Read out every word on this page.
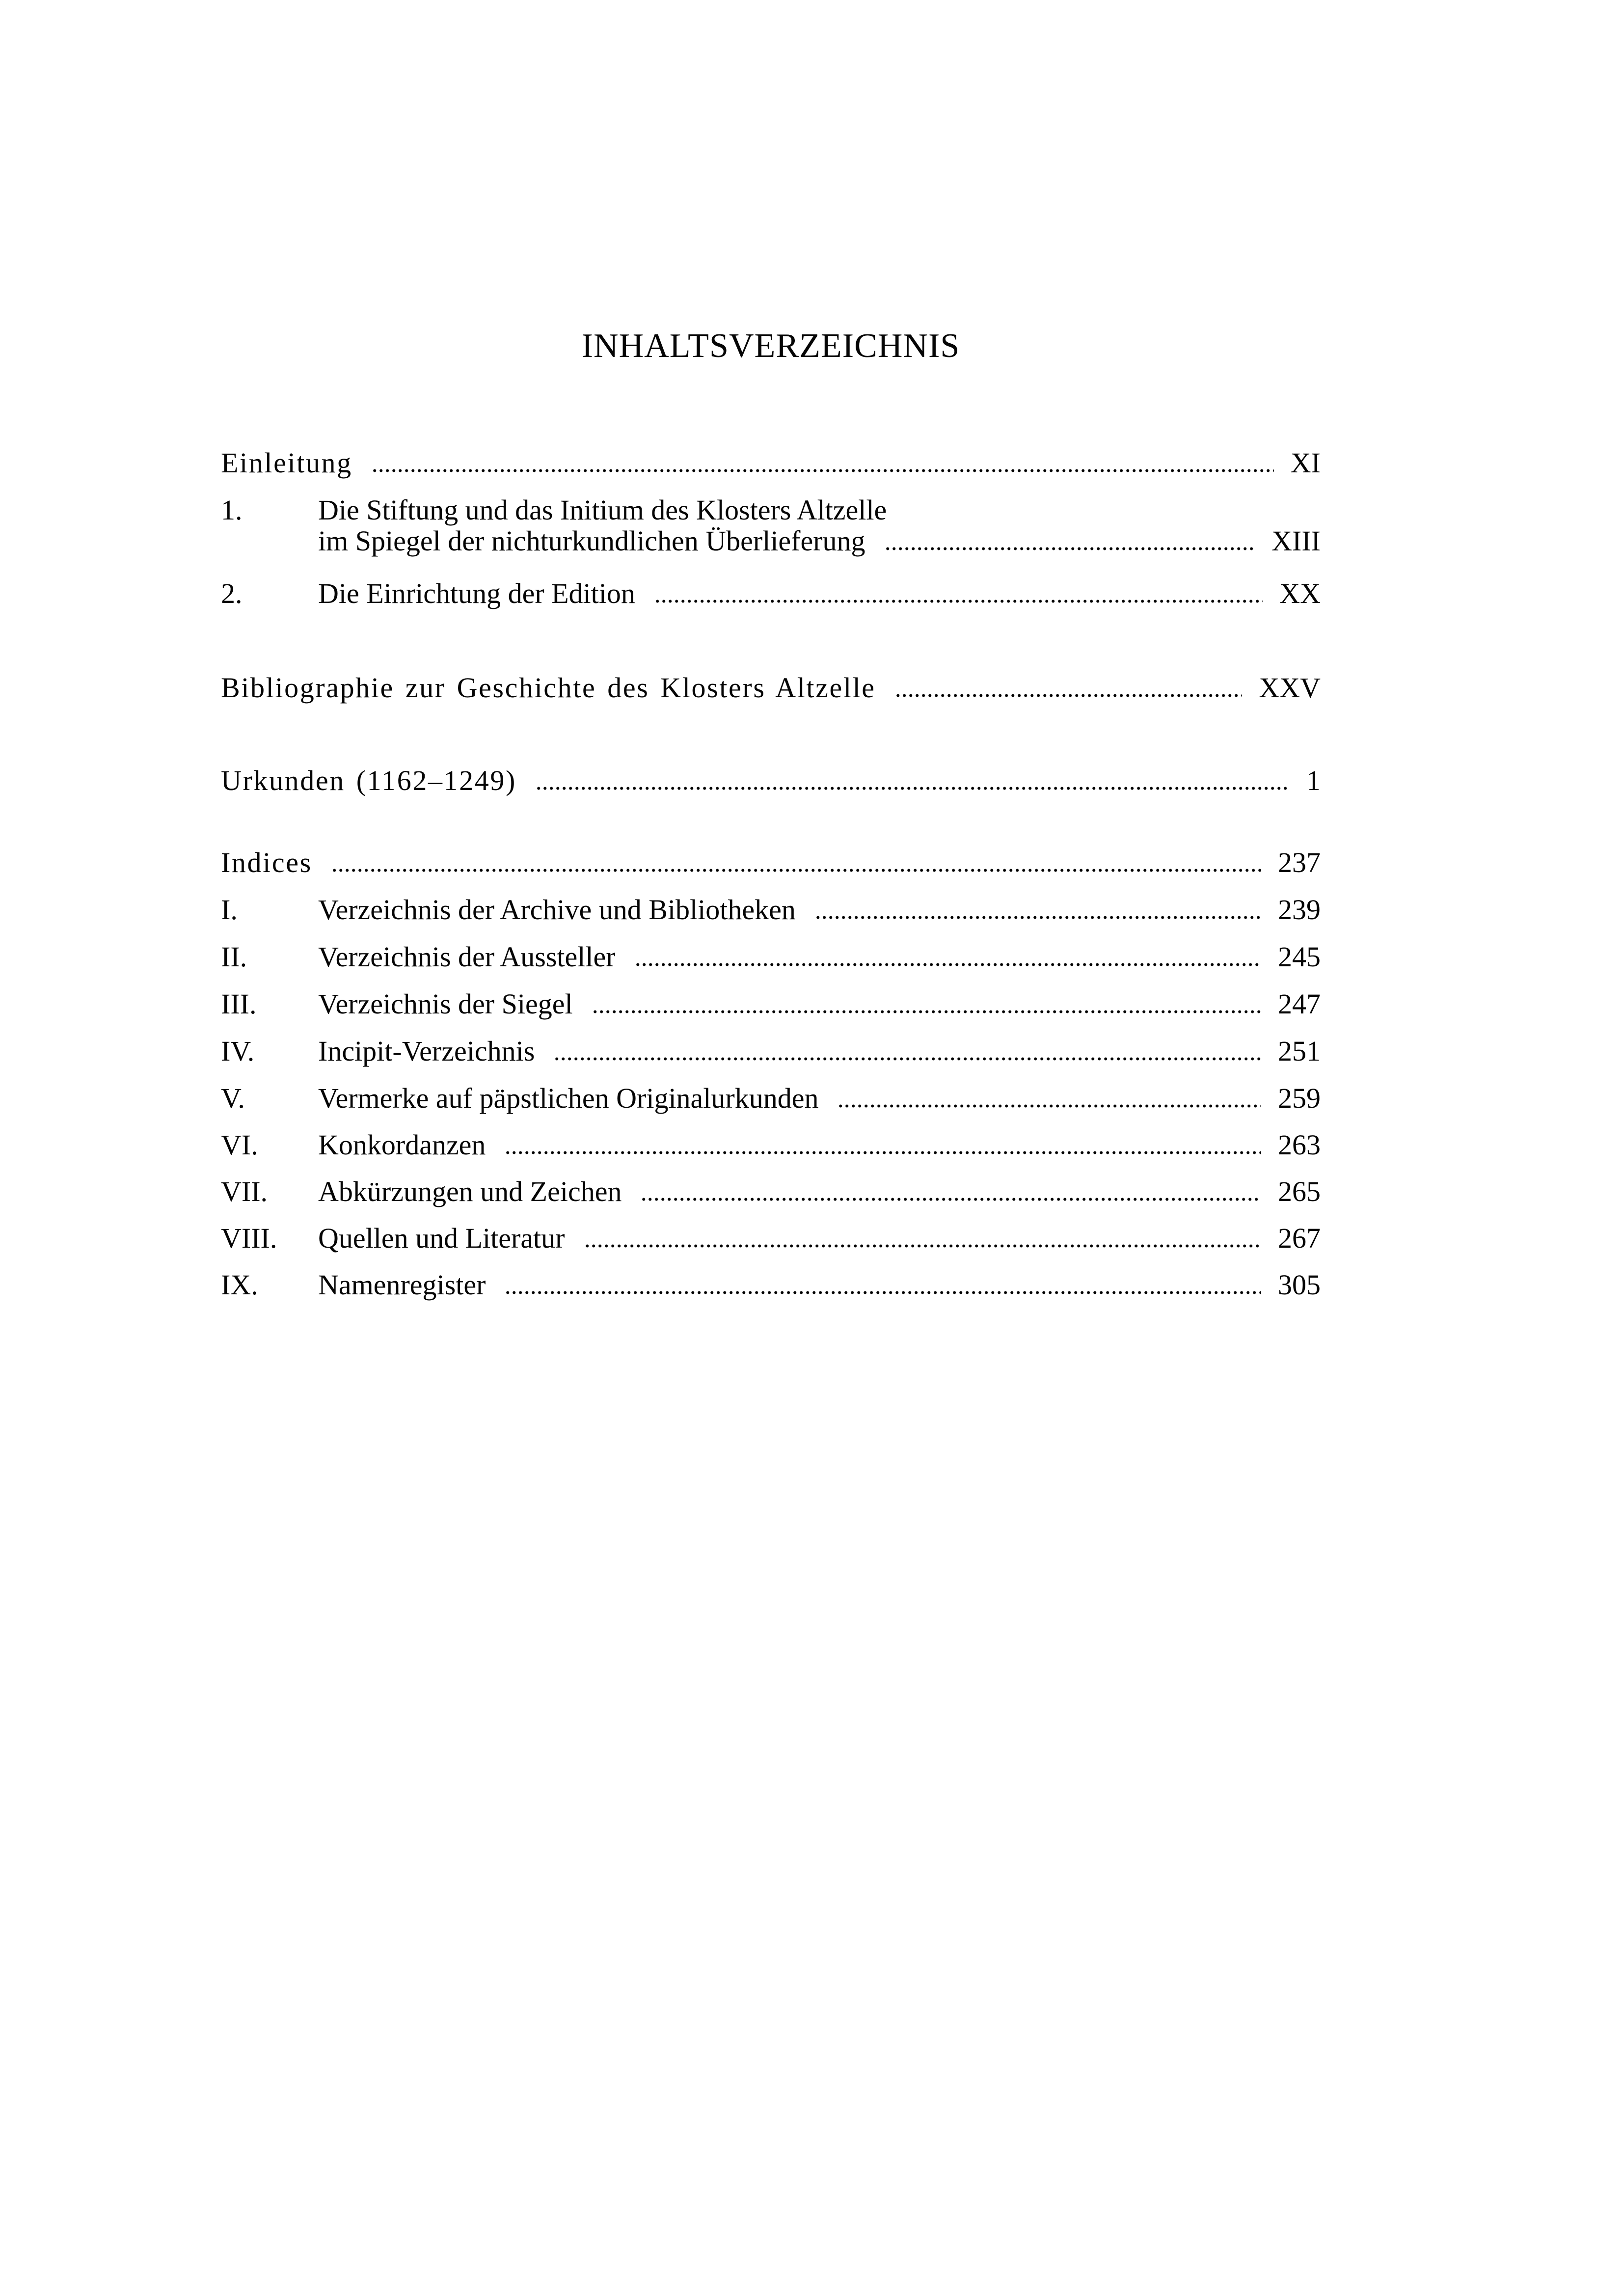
INHALTSVERZEICHNIS
Einleitung	XI
1.	Die Stiftung und das Initium des Klosters Altzelle
im Spiegel der nichturkundlichen Überlieferung	XIII
2.	Die Einrichtung der Edition	XX
Bibliographie zur Geschichte des Klosters Altzelle	XXV
Urkunden (1162–1249)	1
Indices	237
I.	Verzeichnis der Archive und Bibliotheken	239
II.	Verzeichnis der Aussteller	245
III.	Verzeichnis der Siegel	247
IV.	Incipit-Verzeichnis	251
V.	Vermerke auf päpstlichen Originalurkunden	259
VI.	Konkordanzen	263
VII.	Abkürzungen und Zeichen	265
VIII.	Quellen und Literatur	267
IX.	Namenregister	305
